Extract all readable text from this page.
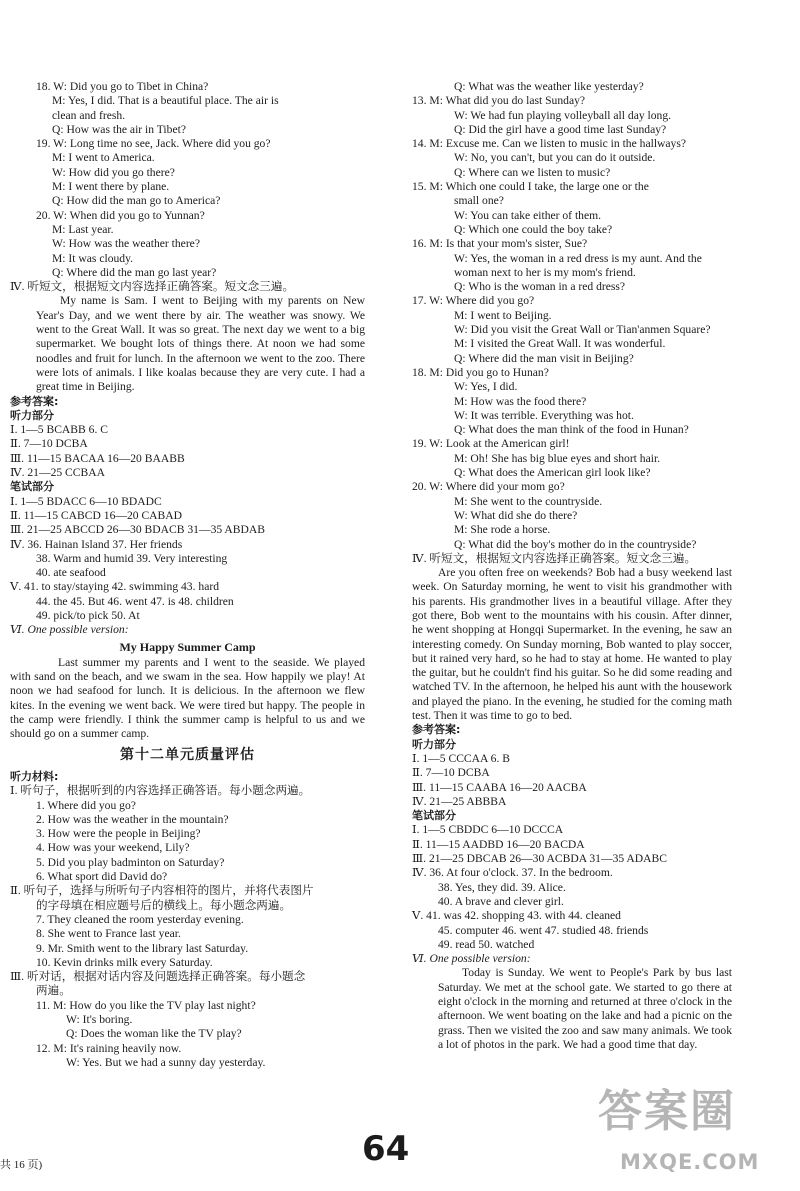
18. W: Did you go to Tibet in China?
M: Yes, I did. That is a beautiful place. The air is
clean and fresh.
Q: How was the air in Tibet?
19. W: Long time no see, Jack. Where did you go?
M: I went to America.
W: How did you go there?
M: I went there by plane.
Q: How did the man go to America?
20. W: When did you go to Yunnan?
M: Last year.
W: How was the weather there?
M: It was cloudy.
Q: Where did the man go last year?
Ⅳ. 听短文，根据短文内容选择正确答案。短文念三遍。

My name is Sam. I went to Beijing with my parents on New Year's Day, and we went there by air. The weather was snowy. We went to the Great Wall. It was so great. The next day we went to a big supermarket. We bought lots of things there. At noon we had some noodles and fruit for lunch. In the afternoon we went to the zoo. There were lots of animals. I like koalas because they are very cute. I had a great time in Beijing.

参考答案:
听力部分
Ⅰ. 1—5 BCABB 6. C
Ⅱ. 7—10 DCBA
Ⅲ. 11—15 BACAA 16—20 BAABB
Ⅳ. 21—25 CCBAA
笔试部分
Ⅰ. 1—5 BDACC 6—10 BDADC
Ⅱ. 11—15 CABCD 16—20 CABAD
Ⅲ. 21—25 ABCCD 26—30 BDACB 31—35 ABDAB
Ⅳ. 36. Hainan Island 37. Her friends
38. Warm and humid 39. Very interesting
40. ate seafood
Ⅴ. 41. to stay/staying 42. swimming 43. hard
44. the 45. But 46. went 47. is 48. children
49. pick/to pick 50. At
Ⅵ. One possible version:
My Happy Summer Camp

Last summer my parents and I went to the seaside. We played with sand on the beach, and we swam in the sea. How happily we play! At noon we had seafood for lunch. It is delicious. In the afternoon we flew kites. In the evening we went back. We were tired but happy. The people in the camp were friendly. I think the summer camp is helpful to us and we should go on a summer camp.

第十二单元质量评估
听力材料:
Ⅰ. 听句子，根据听到的内容选择正确答语。每小题念两遍。
1. Where did you go?
2. How was the weather in the mountain?
3. How were the people in Beijing?
4. How was your weekend, Lily?
5. Did you play badminton on Saturday?
6. What sport did David do?
Ⅱ. 听句子，选择与所听句子内容相符的图片，并将代表图片
的字母填在相应题号后的横线上。每小题念两遍。
7. They cleaned the room yesterday evening.
8. She went to France last year.
9. Mr. Smith went to the library last Saturday.
10. Kevin drinks milk every Saturday.
Ⅲ. 听对话，根据对话内容及问题选择正确答案。每小题念
两遍。
11. M: How do you like the TV play last night?
W: It's boring.
Q: Does the woman like the TV play?
12. M: It's raining heavily now.
W: Yes. But we had a sunny day yesterday.
Q: What was the weather like yesterday?
13. M: What did you do last Sunday?
W: We had fun playing volleyball all day long.
Q: Did the girl have a good time last Sunday?
14. M: Excuse me. Can we listen to music in the hallways?
W: No, you can't, but you can do it outside.
Q: Where can we listen to music?
15. M: Which one could I take, the large one or the
small one?
W: You can take either of them.
Q: Which one could the boy take?
16. M: Is that your mom's sister, Sue?
W: Yes, the woman in a red dress is my aunt. And the
woman next to her is my mom's friend.
Q: Who is the woman in a red dress?
17. W: Where did you go?
M: I went to Beijing.
W: Did you visit the Great Wall or Tian'anmen Square?
M: I visited the Great Wall. It was wonderful.
Q: Where did the man visit in Beijing?
18. M: Did you go to Hunan?
W: Yes, I did.
M: How was the food there?
W: It was terrible. Everything was hot.
Q: What does the man think of the food in Hunan?
19. W: Look at the American girl!
M: Oh! She has big blue eyes and short hair.
Q: What does the American girl look like?
20. W: Where did your mom go?
M: She went to the countryside.
W: What did she do there?
M: She rode a horse.
Q: What did the boy's mother do in the countryside?
Ⅳ. 听短文，根据短文内容选择正确答案。短文念三遍。

Are you often free on weekends? Bob had a busy weekend last week. On Saturday morning, he went to visit his grandmother with his parents. His grandmother lives in a beautiful village. After they got there, Bob went to the mountains with his cousin. After dinner, he went shopping at Hongqi Supermarket. In the evening, he saw an interesting comedy. On Sunday morning, Bob wanted to play soccer, but it rained very hard, so he had to stay at home. He wanted to play the guitar, but he couldn't find his guitar. So he did some reading and watched TV. In the afternoon, he helped his aunt with the housework and played the piano. In the evening, he studied for the coming math test. Then it was time to go to bed.

参考答案:
听力部分
Ⅰ. 1—5 CCCAA 6. B
Ⅱ. 7—10 DCBA
Ⅲ. 11—15 CAABA 16—20 AACBA
Ⅳ. 21—25 ABBBA
笔试部分
Ⅰ. 1—5 CBDDC 6—10 DCCCA
Ⅱ. 11—15 AADBD 16—20 BACDA
Ⅲ. 21—25 DBCAB 26—30 ACBDA 31—35 ADABC
Ⅳ. 36. At four o'clock. 37. In the bedroom.
38. Yes, they did. 39. Alice.
40. A brave and clever girl.
Ⅴ. 41. was 42. shopping 43. with 44. cleaned
45. computer 46. went 47. studied 48. friends
49. read 50. watched
Ⅵ. One possible version:

Today is Sunday. We went to People's Park by bus last Saturday. We met at the school gate. We started to go there at eight o'clock in the morning and returned at three o'clock in the afternoon. We went boating on the lake and had a picnic on the grass. Then we visited the zoo and saw many animals. We took a lot of photos in the park. We had a good time that day.

共 16 页)	64
答案圈
MXQE.COM
